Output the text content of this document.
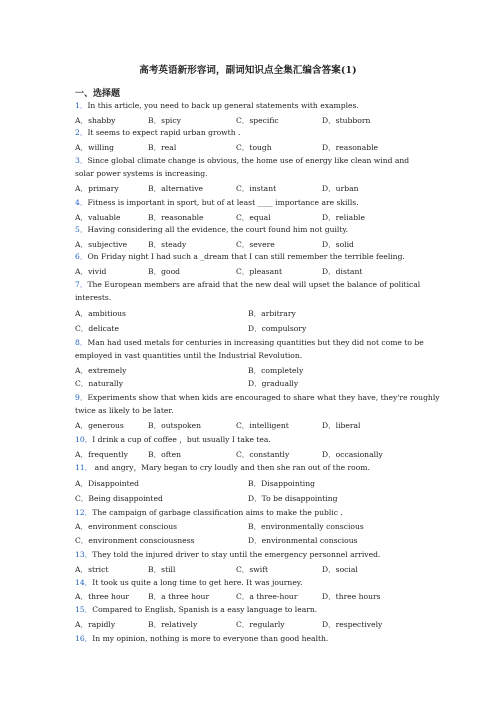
高考英语新形容词，副词知识点全集汇编含答案(1)
一、选择题
1．In this article, you need to back up general statements with examples.
A．shabby	B．spicy	C．specific	D．stubborn
2．It seems to expect rapid urban growth .
A．willing	B．real	C．tough	D．reasonable
3．Since global climate change is obvious, the home use of energy like clean wind and
solar power systems is increasing.
A．primary	B．alternative	C．instant	D．urban
4．Fitness is important in sport, but of at least ____ importance are skills.
A．valuable	B．reasonable	C．equal	D．reliable
5．Having considering all the evidence, the court found him not guilty.
A．subjective	B．steady	C．severe	D．solid
6．On Friday night I had such a _dream that I can still remember the terrible feeling.
A．vivid	B．good	C．pleasant	D．distant
7．The European members are afraid that the new deal will upset the balance of political
interests.
A．ambitious	B．arbitrary
C．delicate	D．compulsory
8．Man had used metals for centuries in increasing quantities but they did not come to be
employed in vast quantities until the Industrial Revolution.
A．extremely	B．completely
C．naturally	D．gradually
9．Experiments show that when kids are encouraged to share what they have, they're roughly
twice as likely to be later.
A．generous	B．outspoken	C．intelligent	D．liberal
10．I drink a cup of coffee ，but usually I take tea.
A．frequently	B．often	C．constantly	D．occasionally
11． and angry，Mary began to cry loudly and then she ran out of the room.
A．Disappointed	B．Disappointing
C．Being disappointed	D．To be disappointing
12．The campaign of garbage classification aims to make the public .
A．environment conscious	B．environmentally conscious
C．environment consciousness	D．environmental conscious
13．They told the injured driver to stay until the emergency personnel arrived.
A．strict	B．still	C．swift	D．social
14．It took us quite a long time to get here. It was journey.
A．three hour B．a three hour	C．a three-hour	D．three hours
15．Compared to English, Spanish is a easy language to learn.
A．rapidly	B．relatively	C．regularly	D．respectively
16．In my opinion, nothing is more to everyone than good health.
